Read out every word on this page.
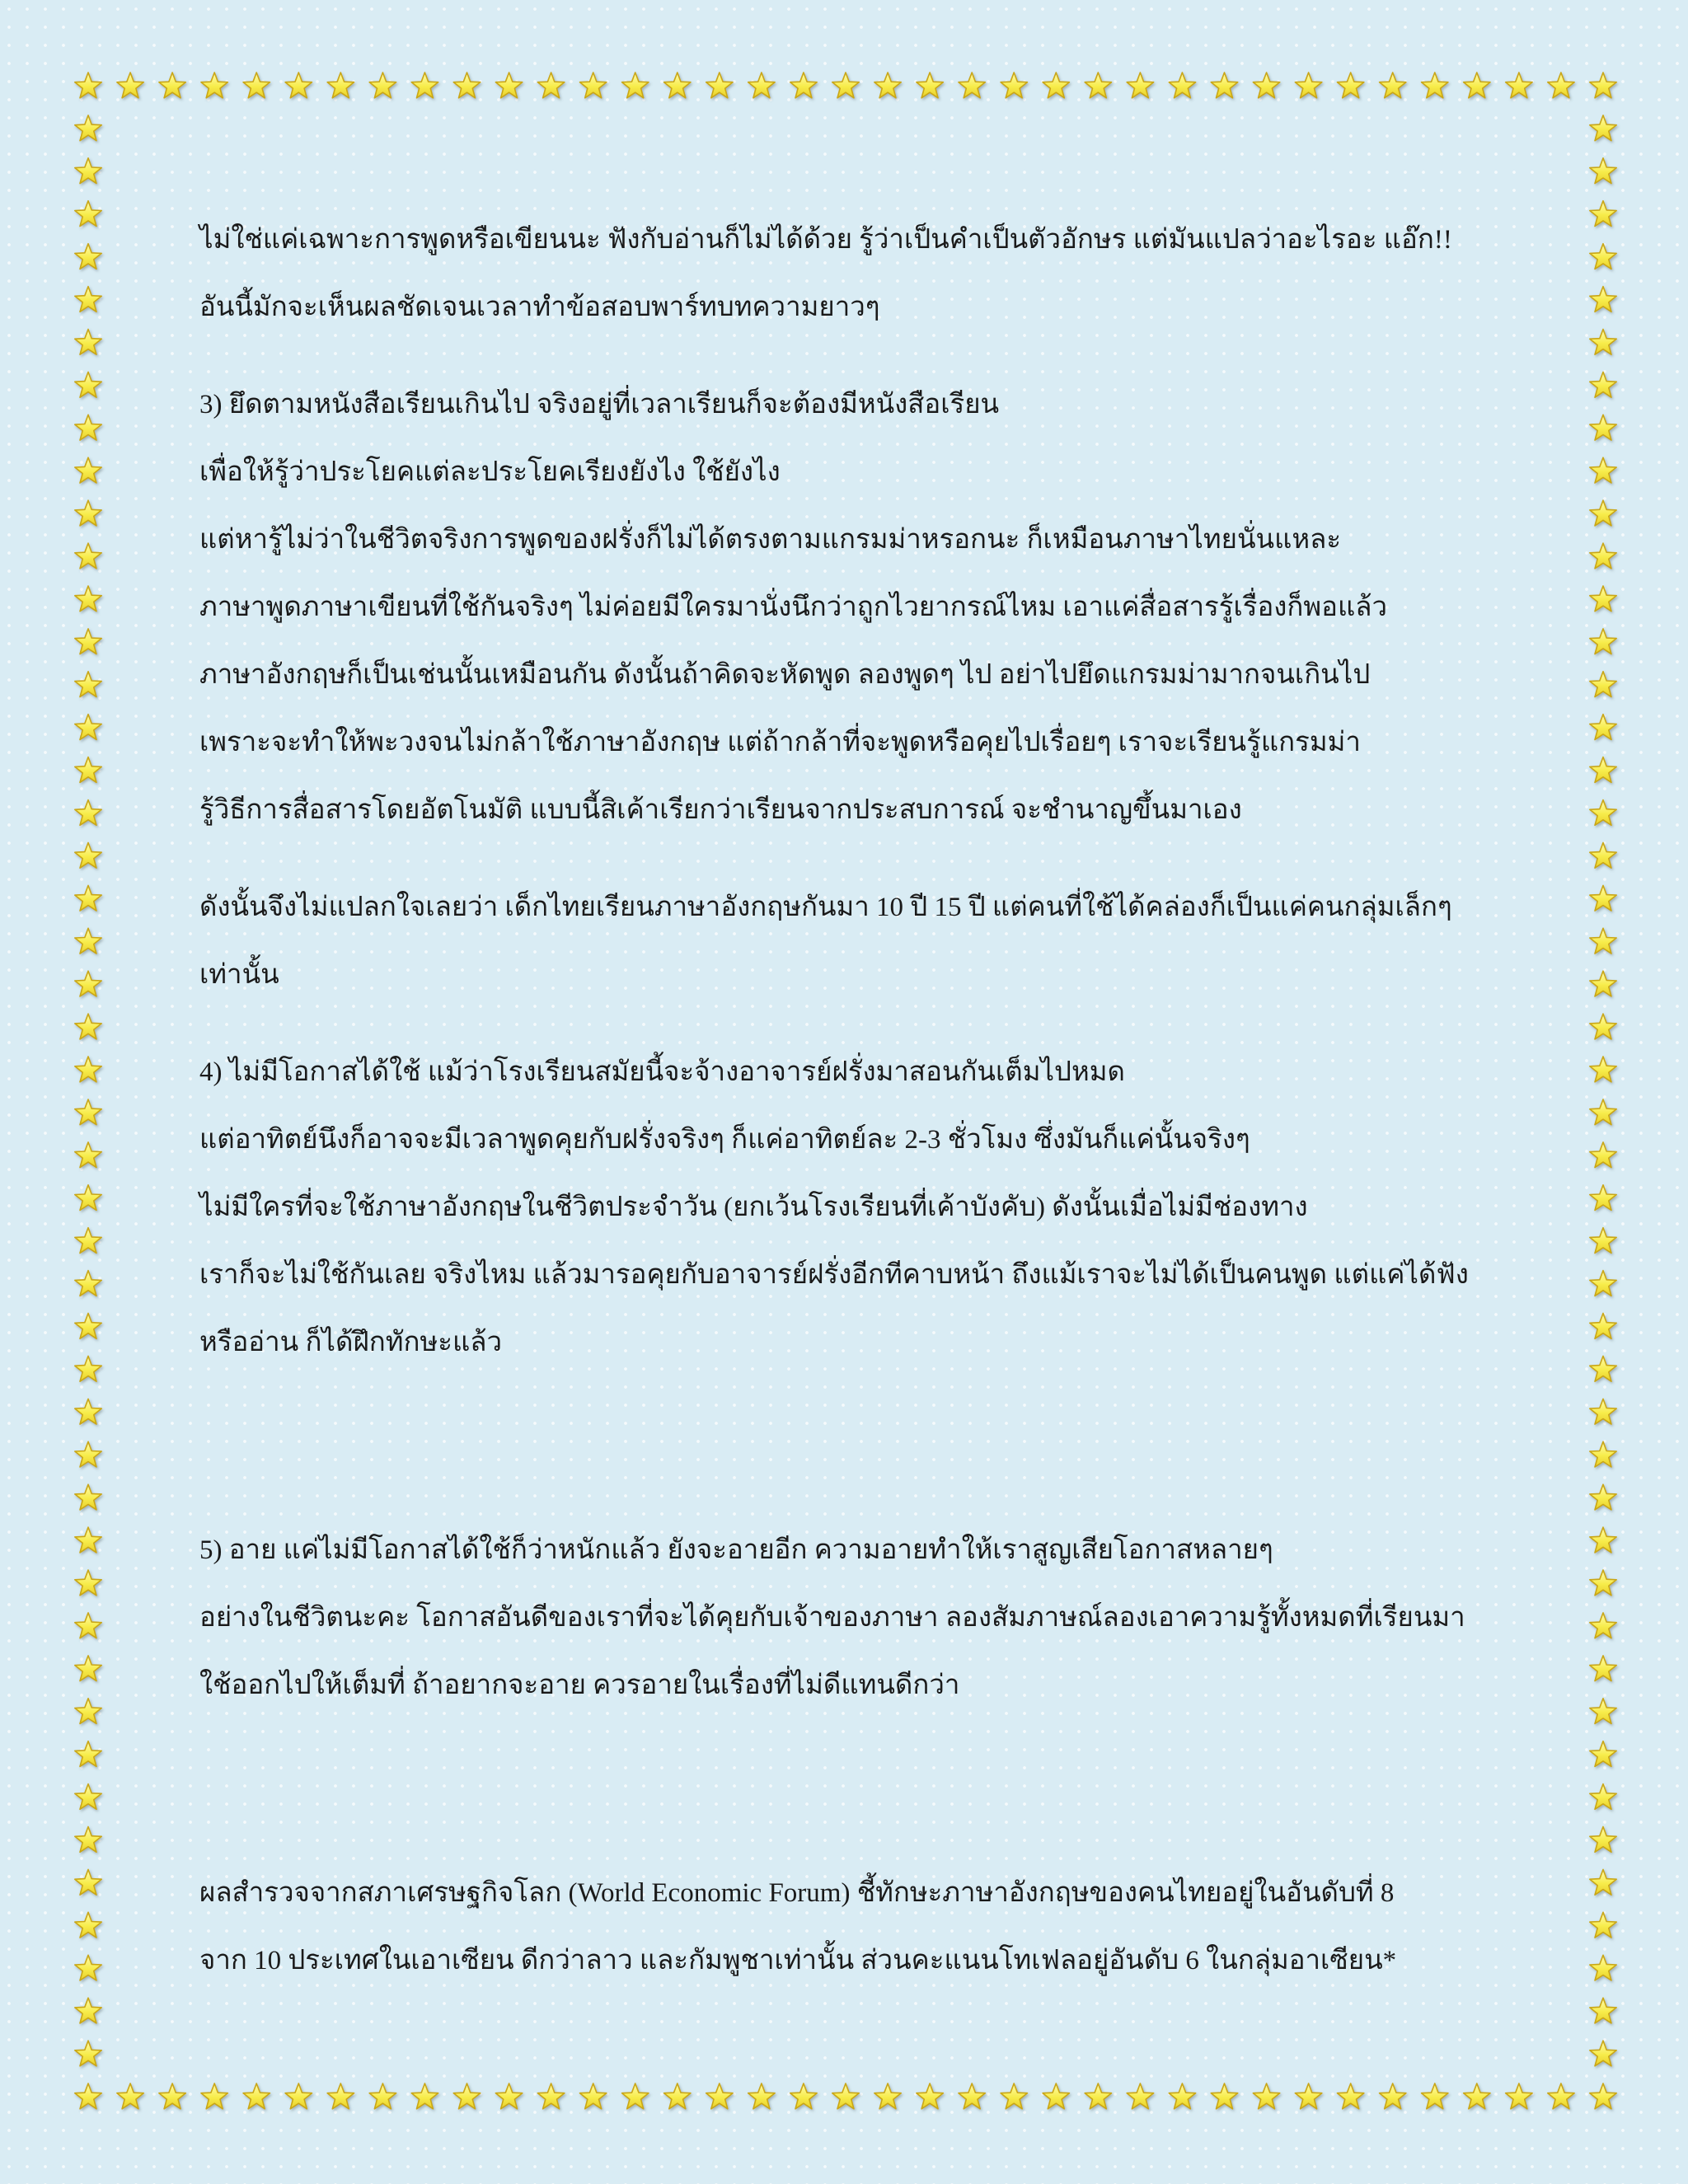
ไม่ใช่แค่เฉพาะการพูดหรือเขียนนะ ฟังกับอ่านก็ไม่ได้ด้วย รู้ว่าเป็นคำเป็นตัวอักษร แต่มันแปลว่าอะไรอะ แอ๊ก!!
อันนี้มักจะเห็นผลชัดเจนเวลาทำข้อสอบพาร์ทบทความยาวๆ
3) ยึดตามหนังสือเรียนเกินไป จริงอยู่ที่เวลาเรียนก็จะต้องมีหนังสือเรียน
เพื่อให้รู้ว่าประโยคแต่ละประโยคเรียงยังไง ใช้ยังไง
แต่หารู้ไม่ว่าในชีวิตจริงการพูดของฝรั่งก็ไม่ได้ตรงตามแกรมม่าหรอกนะ ก็เหมือนภาษาไทยนั่นแหละ
ภาษาพูดภาษาเขียนที่ใช้กันจริงๆ ไม่ค่อยมีใครมานั่งนึกว่าถูกไวยากรณ์ไหม เอาแค่สื่อสารรู้เรื่องก็พอแล้ว
ภาษาอังกฤษก็เป็นเช่นนั้นเหมือนกัน ดังนั้นถ้าคิดจะหัดพูด ลองพูดๆ ไป อย่าไปยึดแกรมม่ามากจนเกินไป
เพราะจะทำให้พะวงจนไม่กล้าใช้ภาษาอังกฤษ แต่ถ้ากล้าที่จะพูดหรือคุยไปเรื่อยๆ เราจะเรียนรู้แกรมม่า
รู้วิธีการสื่อสารโดยอัตโนมัติ แบบนี้สิเค้าเรียกว่าเรียนจากประสบการณ์ จะชำนาญขึ้นมาเอง
ดังนั้นจึงไม่แปลกใจเลยว่า เด็กไทยเรียนภาษาอังกฤษกันมา 10 ปี 15 ปี แต่คนที่ใช้ได้คล่องก็เป็นแค่คนกลุ่มเล็กๆ
เท่านั้น
4) ไม่มีโอกาสได้ใช้ แม้ว่าโรงเรียนสมัยนี้จะจ้างอาจารย์ฝรั่งมาสอนกันเต็มไปหมด
แต่อาทิตย์นึงก็อาจจะมีเวลาพูดคุยกับฝรั่งจริงๆ ก็แค่อาทิตย์ละ 2-3 ชั่วโมง ซึ่งมันก็แค่นั้นจริงๆ
ไม่มีใครที่จะใช้ภาษาอังกฤษในชีวิตประจำวัน (ยกเว้นโรงเรียนที่เค้าบังคับ) ดังนั้นเมื่อไม่มีช่องทาง
เราก็จะไม่ใช้กันเลย จริงไหม แล้วมารอคุยกับอาจารย์ฝรั่งอีกทีคาบหน้า ถึงแม้เราจะไม่ได้เป็นคนพูด แต่แค่ได้ฟัง
หรืออ่าน ก็ได้ฝึกทักษะแล้ว
5) อาย แค่ไม่มีโอกาสได้ใช้ก็ว่าหนักแล้ว ยังจะอายอีก ความอายทำให้เราสูญเสียโอกาสหลายๆ
อย่างในชีวิตนะคะ โอกาสอันดีของเราที่จะได้คุยกับเจ้าของภาษา ลองสัมภาษณ์ลองเอาความรู้ทั้งหมดที่เรียนมา
ใช้ออกไปให้เต็มที่ ถ้าอยากจะอาย ควรอายในเรื่องที่ไม่ดีแทนดีกว่า
ผลสำรวจจากสภาเศรษฐกิจโลก (World Economic Forum) ชี้ทักษะภาษาอังกฤษของคนไทยอยู่ในอันดับที่ 8
จาก 10 ประเทศในเอาเซียน ดีกว่าลาว และกัมพูชาเท่านั้น ส่วนคะแนนโทเฟลอยู่อันดับ 6 ในกลุ่มอาเซียน*
